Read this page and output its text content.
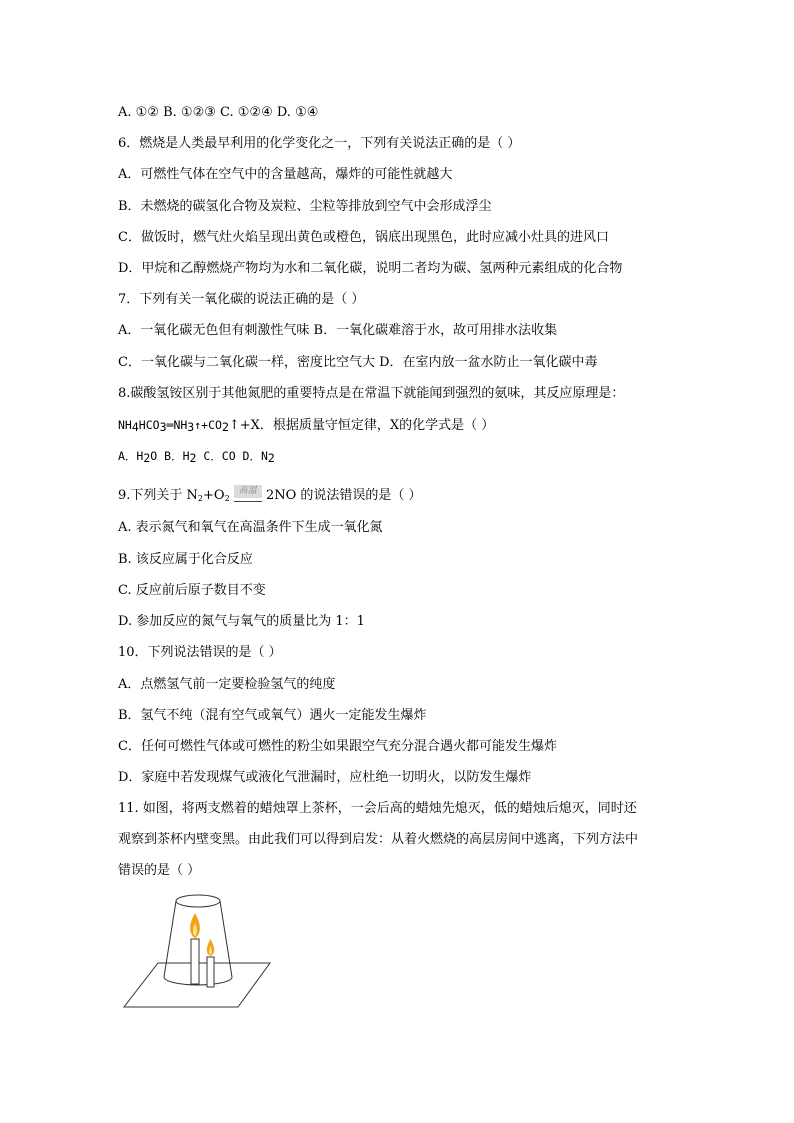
A. ①② B. ①②③ C. ①②④ D. ①④
6．燃烧是人类最早利用的化学变化之一，下列有关说法正确的是（ ）
A．可燃性气体在空气中的含量越高，爆炸的可能性就越大
B．未燃烧的碳氢化合物及炭粒、尘粒等排放到空气中会形成浮尘
C．做饭时，燃气灶火焰呈现出黄色或橙色，锅底出现黑色，此时应减小灶具的进风口
D．甲烷和乙醇燃烧产物均为水和二氧化碳，说明二者均为碳、氢两种元素组成的化合物
7．下列有关一氧化碳的说法正确的是（ ）
A．一氧化碳无色但有刺激性气味 B．一氧化碳难溶于水，故可用排水法收集
C．一氧化碳与二氧化碳一样，密度比空气大 D．在室内放一盆水防止一氧化碳中毒
8.碳酸氢铵区别于其他氮肥的重要特点是在常温下就能闻到强烈的氨味，其反应原理是：
$NH_4HCO_3═NH_3↑+CO_2↑+X$．根据质量守恒定律，X的化学式是（ ）
A．$H_2O$ B．$H_2$ C．CO D．$N_2$
9.下列关于 $N_2+O_2$ 高温 2NO 的说法错误的是（ ）
A. 表示氮气和氧气在高温条件下生成一氧化氮
B. 该反应属于化合反应
C. 反应前后原子数目不变
D. 参加反应的氮气与氧气的质量比为 1：1
10．下列说法错误的是（ ）
A．点燃氢气前一定要检验氢气的纯度
B．氢气不纯（混有空气或氧气）遇火一定能发生爆炸
C．任何可燃性气体或可燃性的粉尘如果跟空气充分混合遇火都可能发生爆炸
D．家庭中若发现煤气或液化气泄漏时，应杜绝一切明火，以防发生爆炸
11. 如图，将两支燃着的蜡烛罩上茶杯，一会后高的蜡烛先熄灭，低的蜡烛后熄灭，同时还
观察到茶杯内壁变黑。由此我们可以得到启发：从着火燃烧的高层房间中逃离，下列方法中
错误的是（ ）
